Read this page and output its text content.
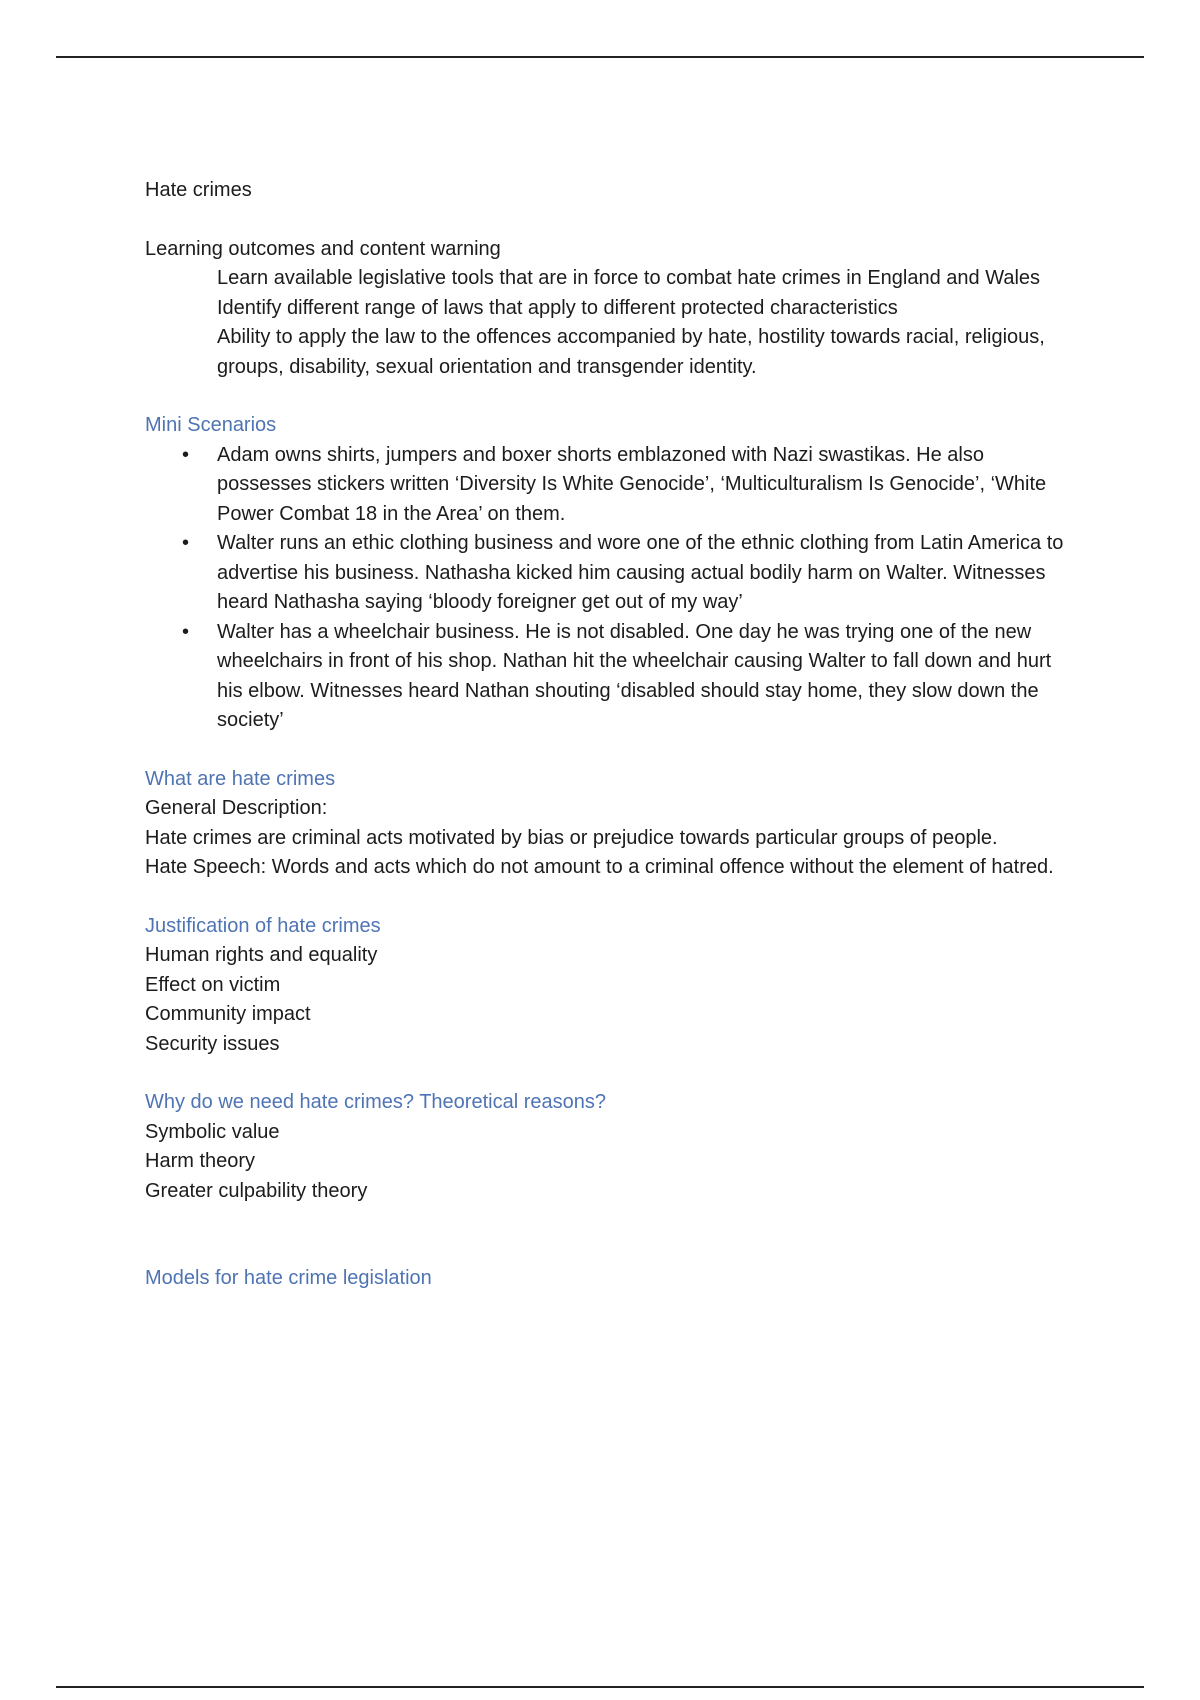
Hate crimes

Learning outcomes and content warning

Learn available legislative tools that are in force to combat hate crimes in England and Wales
Identify different range of laws that apply to different protected characteristics
Ability to apply the law to the offences accompanied by hate, hostility towards racial, religious, groups, disability, sexual orientation and transgender identity.

Mini Scenarios

• Adam owns shirts, jumpers and boxer shorts emblazoned with Nazi swastikas. He also possesses stickers written ‘Diversity Is White Genocide’, ‘Multiculturalism Is Genocide’, ‘White Power Combat 18 in the Area’ on them.
• Walter runs an ethic clothing business and wore one of the ethnic clothing from Latin America to advertise his business. Nathasha kicked him causing actual bodily harm on Walter. Witnesses heard Nathasha saying ‘bloody foreigner get out of my way’
• Walter has a wheelchair business. He is not disabled. One day he was trying one of the new wheelchairs in front of his shop. Nathan hit the wheelchair causing Walter to fall down and hurt his elbow. Witnesses heard Nathan shouting ‘disabled should stay home, they slow down the society’

What are hate crimes

General Description:

Hate crimes are criminal acts motivated by bias or prejudice towards particular groups of people.

Hate Speech: Words and acts which do not amount to a criminal offence without the element of hatred.

Justification of hate crimes

Human rights and equality
Effect on victim
Community impact
Security issues

Why do we need hate crimes? Theoretical reasons?

Symbolic value
Harm theory
Greater culpability theory

Models for hate crime legislation
